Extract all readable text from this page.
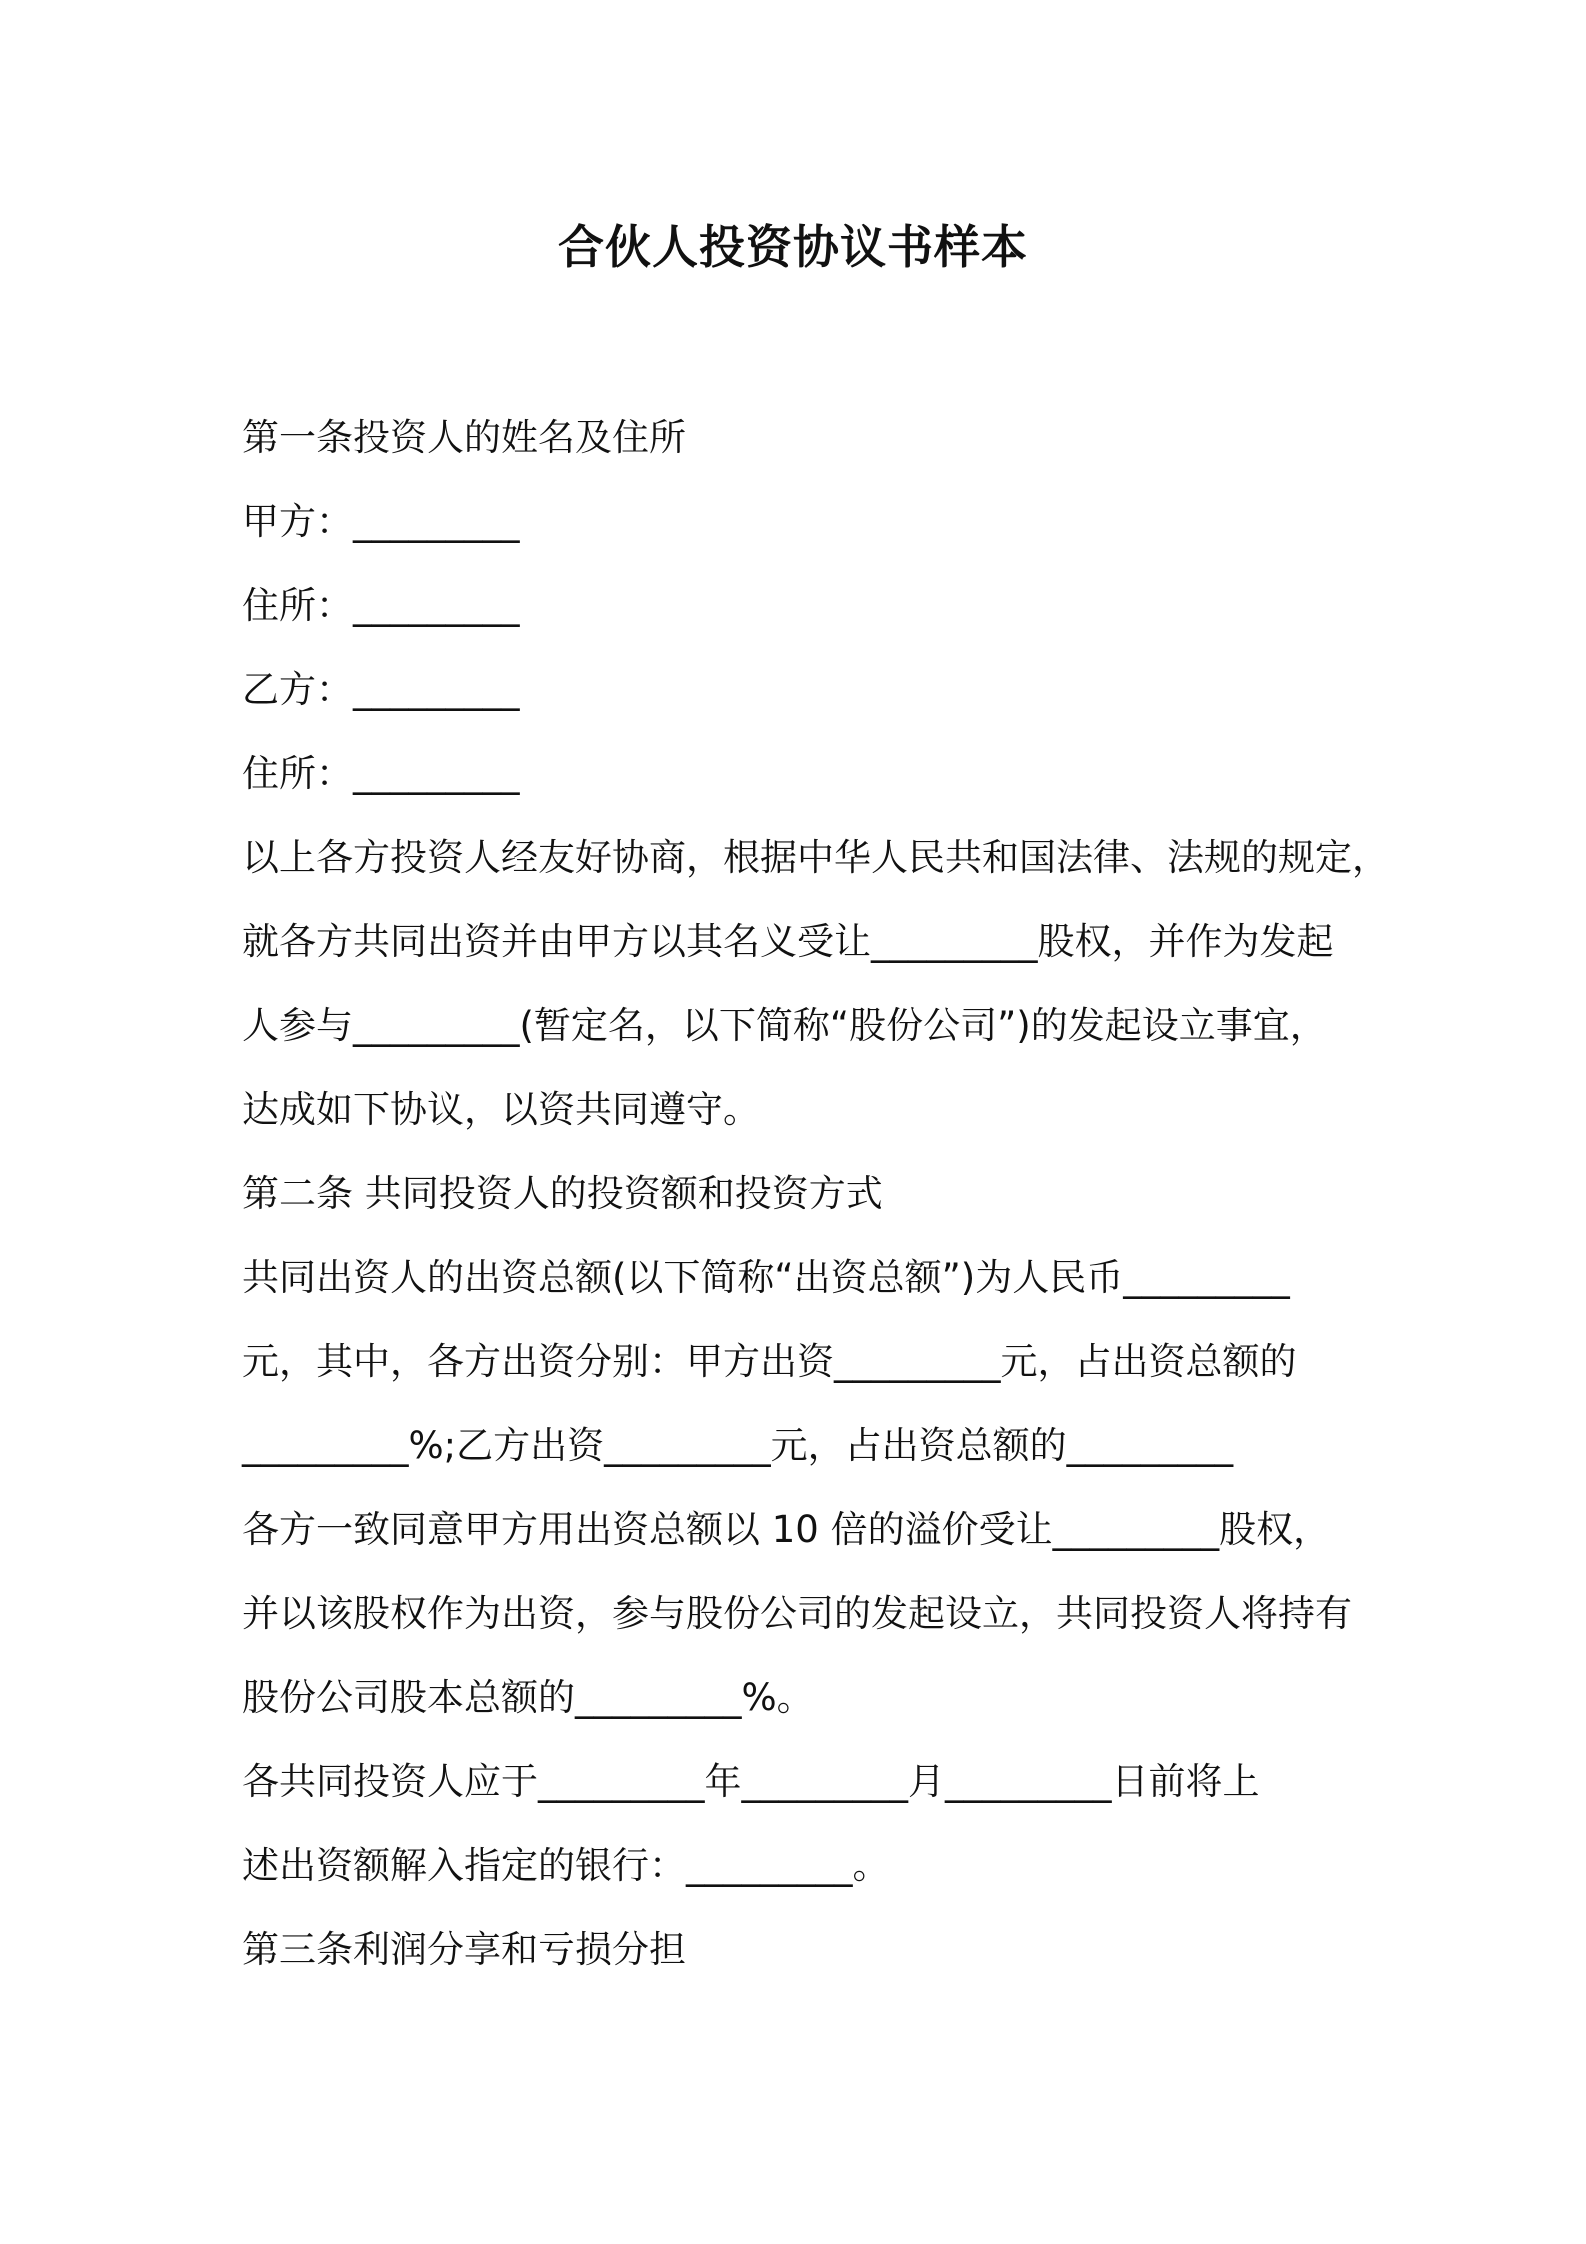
合伙人投资协议书样本
第一条投资人的姓名及住所
甲方：_________
住所：_________
乙方：_________
住所：_________
以上各方投资人经友好协商，根据中华人民共和国法律、法规的规定，
就各方共同出资并由甲方以其名义受让_________股权，并作为发起
人参与_________(暂定名，以下简称“股份公司”)的发起设立事宜，
达成如下协议，以资共同遵守。
第二条 共同投资人的投资额和投资方式
共同出资人的出资总额(以下简称“出资总额”)为人民币_________
元，其中，各方出资分别：甲方出资_________元，占出资总额的
_________%;乙方出资_________元，占出资总额的_________
各方一致同意甲方用出资总额以 10 倍的溢价受让_________股权，
并以该股权作为出资，参与股份公司的发起设立，共同投资人将持有
股份公司股本总额的_________%。
各共同投资人应于_________年_________月_________日前将上
述出资额解入指定的银行：_________。
第三条利润分享和亏损分担
